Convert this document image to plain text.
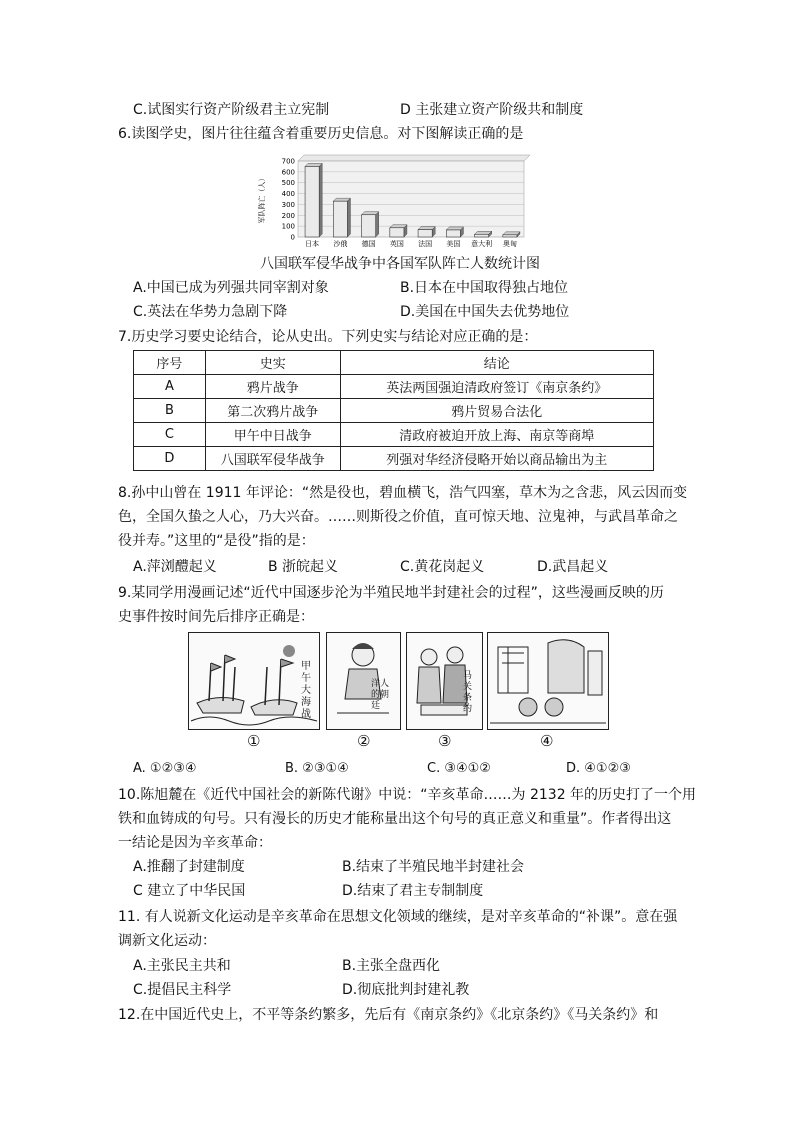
C.试图实行资产阶级君主立宪制	D 主张建立资产阶级共和制度
6.读图学史，图片往往蕴含着重要历史信息。对下图解读正确的是
0
100
200
300
400
500
600
700
日本 沙俄 德国 英国 法国 美国 意大利 奥匈
军队阵亡（人）
八国联军侵华战争中各国军队阵亡人数统计图
A.中国已成为列强共同宰割对象	B.日本在中国取得独占地位
C.英法在华势力急剧下降	D.美国在中国失去优势地位
7.历史学习要史论结合，论从史出。下列史实与结论对应正确的是：
序号	史实	结论
A	鸦片战争	英法两国强迫清政府签订《南京条约》
B	第二次鸦片战争	鸦片贸易合法化
C	甲午中日战争	清政府被迫开放上海、南京等商埠
D	八国联军侵华战争	列强对华经济侵略开始以商品输出为主
8.孙中山曾在 1911 年评论：“然是役也，碧血横飞，浩气四塞，草木为之含悲，风云因而变
色，全国久蛰之人心，乃大兴奋。……则斯役之价值，直可惊天地、泣鬼神，与武昌革命之
役并寿。”这里的“是役”指的是：
A.萍浏醴起义	B 浙皖起义	C.黄花岗起义	D.武昌起义
9.某同学用漫画记述“近代中国逐步沦为半殖民地半封建社会的过程”，这些漫画反映的历
史事件按时间先后排序正确是：
甲午大海战
洋人的朝廷
马关条约
①	②	③	④
A. ①②③④	B. ②③①④	C. ③④①②	D. ④①②③
10.陈旭麓在《近代中国社会的新陈代谢》中说：“辛亥革命……为 2132 年的历史打了一个用
铁和血铸成的句号。只有漫长的历史才能称量出这个句号的真正意义和重量”。作者得出这
一结论是因为辛亥革命：
A.推翻了封建制度	B.结束了半殖民地半封建社会
C 建立了中华民国	D.结束了君主专制制度
11. 有人说新文化运动是辛亥革命在思想文化领域的继续，是对辛亥革命的“补课”。意在强
调新文化运动：
A.主张民主共和	B.主张全盘西化
C.提倡民主科学	D.彻底批判封建礼教
12.在中国近代史上，不平等条约繁多，先后有《南京条约》《北京条约》《马关条约》和
